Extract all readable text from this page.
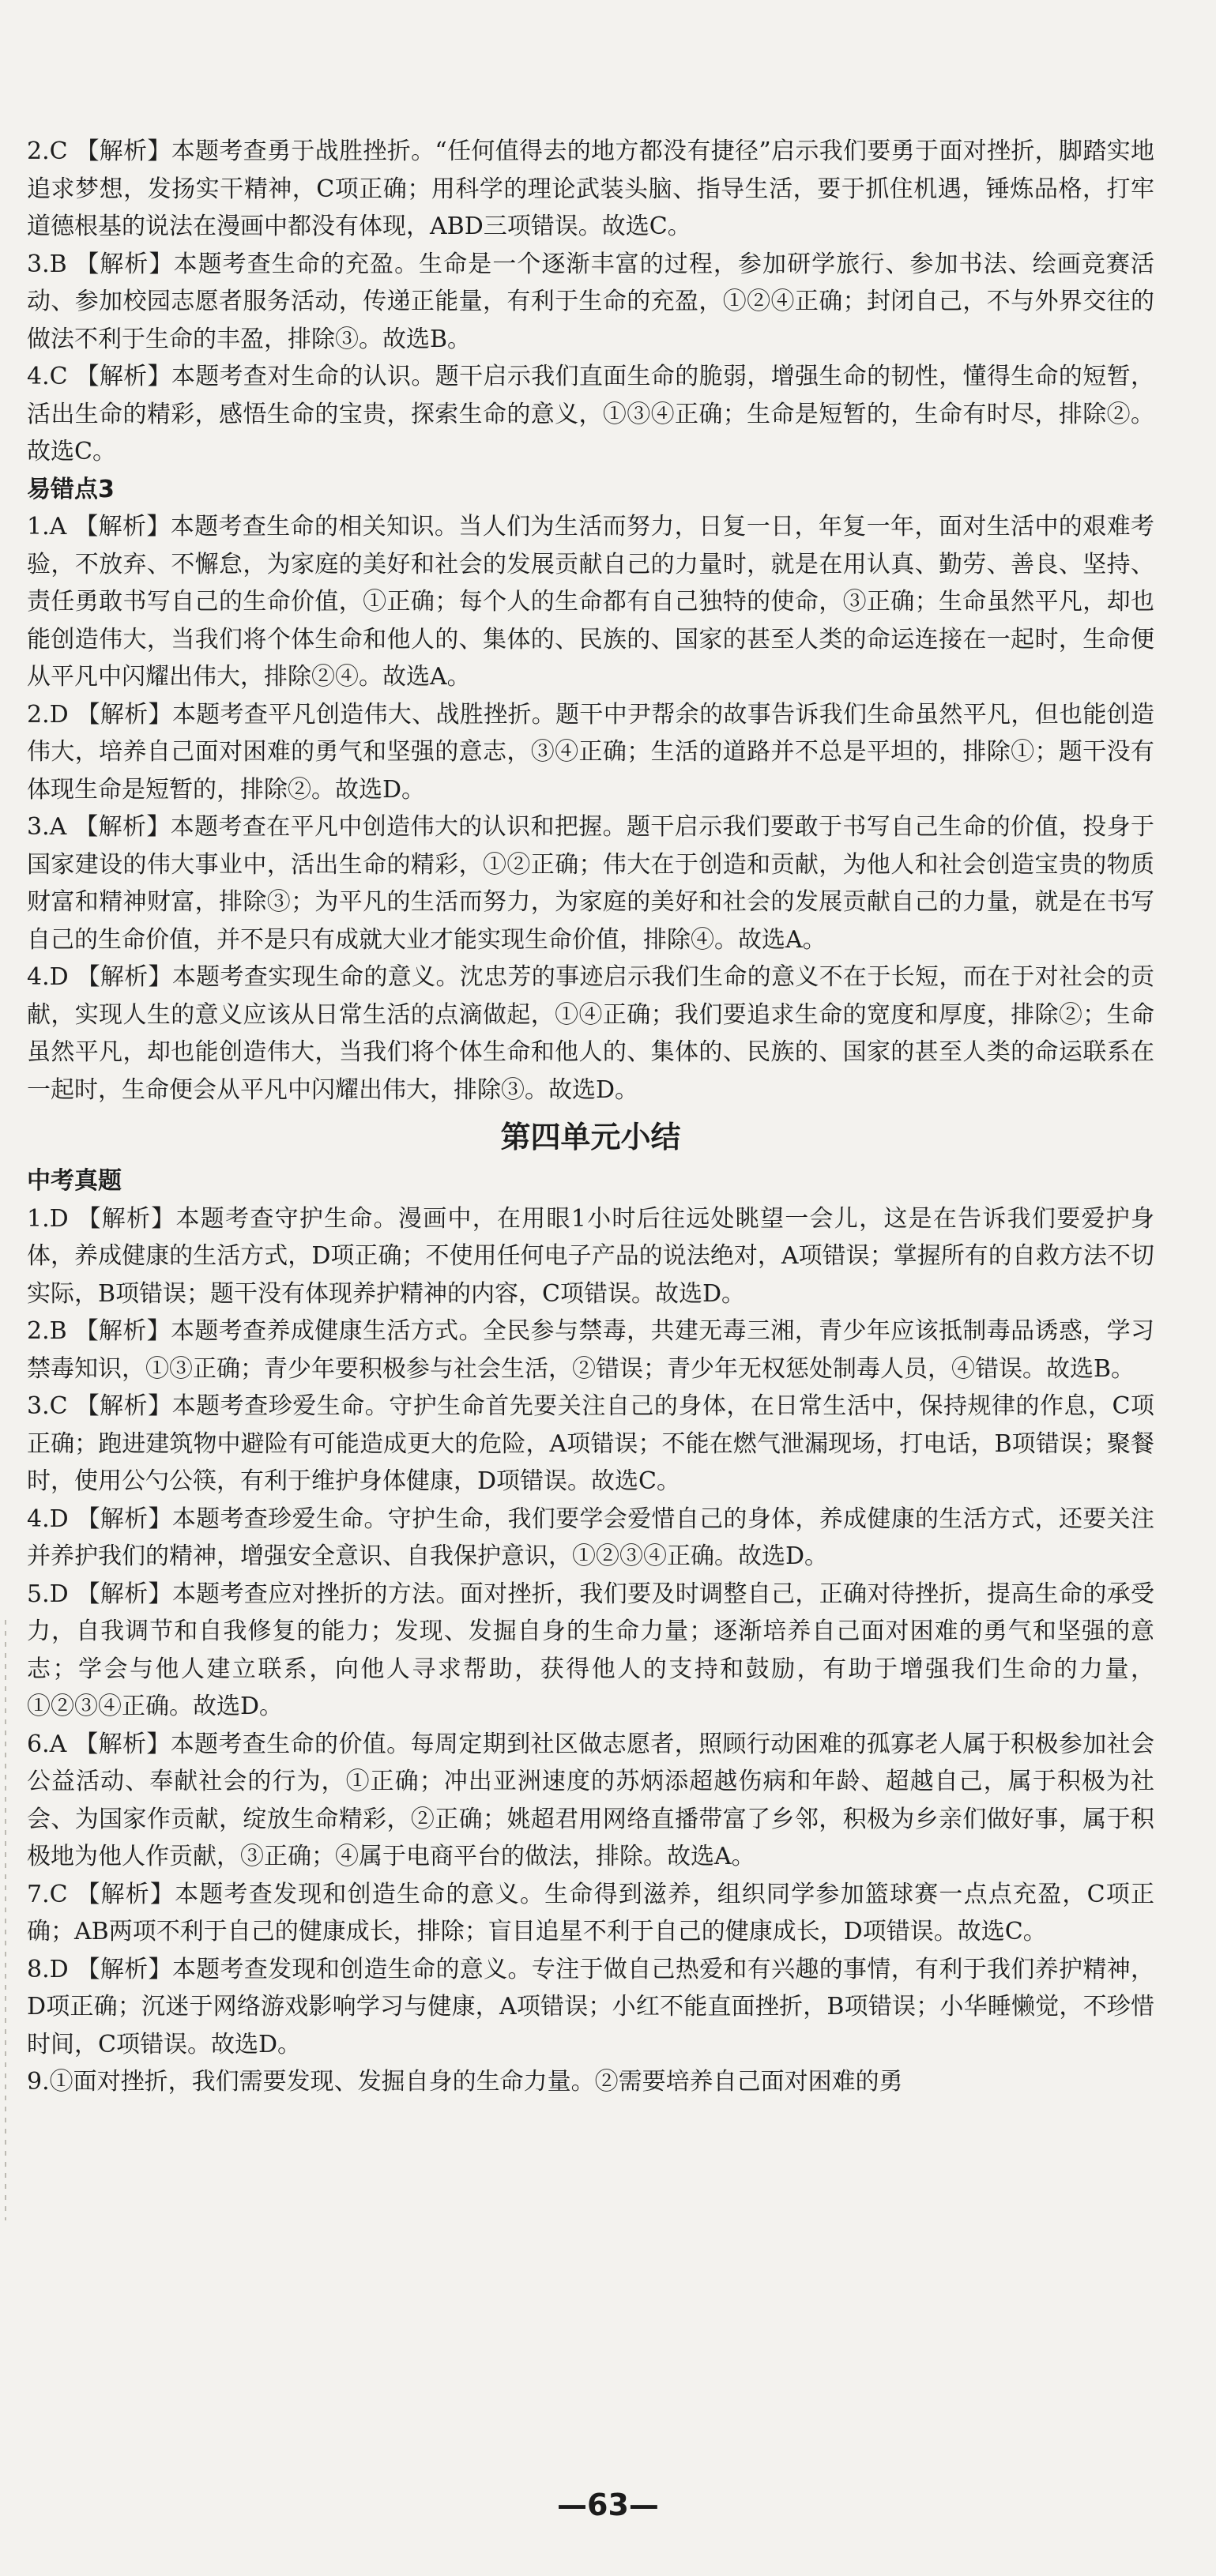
2.C 【解析】本题考查勇于战胜挫折。“任何值得去的地方都没有捷径”启示我们要勇于面对挫折，脚踏实地追求梦想，发扬实干精神，C项正确；用科学的理论武装头脑、指导生活，要于抓住机遇，锤炼品格，打牢道德根基的说法在漫画中都没有体现，ABD三项错误。故选C。

3.B 【解析】本题考查生命的充盈。生命是一个逐渐丰富的过程，参加研学旅行、参加书法、绘画竞赛活动、参加校园志愿者服务活动，传递正能量，有利于生命的充盈，①②④正确；封闭自己，不与外界交往的做法不利于生命的丰盈，排除③。故选B。

4.C 【解析】本题考查对生命的认识。题干启示我们直面生命的脆弱，增强生命的韧性，懂得生命的短暂，活出生命的精彩，感悟生命的宝贵，探索生命的意义，①③④正确；生命是短暂的，生命有时尽，排除②。故选C。

易错点3

1.A 【解析】本题考查生命的相关知识。当人们为生活而努力，日复一日，年复一年，面对生活中的艰难考验，不放弃、不懈怠，为家庭的美好和社会的发展贡献自己的力量时，就是在用认真、勤劳、善良、坚持、责任勇敢书写自己的生命价值，①正确；每个人的生命都有自己独特的使命，③正确；生命虽然平凡，却也能创造伟大，当我们将个体生命和他人的、集体的、民族的、国家的甚至人类的命运连接在一起时，生命便从平凡中闪耀出伟大，排除②④。故选A。

2.D 【解析】本题考查平凡创造伟大、战胜挫折。题干中尹帮余的故事告诉我们生命虽然平凡，但也能创造伟大，培养自己面对困难的勇气和坚强的意志，③④正确；生活的道路并不总是平坦的，排除①；题干没有体现生命是短暂的，排除②。故选D。

3.A 【解析】本题考查在平凡中创造伟大的认识和把握。题干启示我们要敢于书写自己生命的价值，投身于国家建设的伟大事业中，活出生命的精彩，①②正确；伟大在于创造和贡献，为他人和社会创造宝贵的物质财富和精神财富，排除③；为平凡的生活而努力，为家庭的美好和社会的发展贡献自己的力量，就是在书写自己的生命价值，并不是只有成就大业才能实现生命价值，排除④。故选A。

4.D 【解析】本题考查实现生命的意义。沈忠芳的事迹启示我们生命的意义不在于长短，而在于对社会的贡献，实现人生的意义应该从日常生活的点滴做起，①④正确；我们要追求生命的宽度和厚度，排除②；生命虽然平凡，却也能创造伟大，当我们将个体生命和他人的、集体的、民族的、国家的甚至人类的命运联系在一起时，生命便会从平凡中闪耀出伟大，排除③。故选D。

第四单元小结

中考真题

1.D 【解析】本题考查守护生命。漫画中，在用眼1小时后往远处眺望一会儿，这是在告诉我们要爱护身体，养成健康的生活方式，D项正确；不使用任何电子产品的说法绝对，A项错误；掌握所有的自救方法不切实际，B项错误；题干没有体现养护精神的内容，C项错误。故选D。

2.B 【解析】本题考查养成健康生活方式。全民参与禁毒，共建无毒三湘，青少年应该抵制毒品诱惑，学习禁毒知识，①③正确；青少年要积极参与社会生活，②错误；青少年无权惩处制毒人员，④错误。故选B。

3.C 【解析】本题考查珍爱生命。守护生命首先要关注自己的身体，在日常生活中，保持规律的作息，C项正确；跑进建筑物中避险有可能造成更大的危险，A项错误；不能在燃气泄漏现场，打电话，B项错误；聚餐时，使用公勺公筷，有利于维护身体健康，D项错误。故选C。

4.D 【解析】本题考查珍爱生命。守护生命，我们要学会爱惜自己的身体，养成健康的生活方式，还要关注并养护我们的精神，增强安全意识、自我保护意识，①②③④正确。故选D。

5.D 【解析】本题考查应对挫折的方法。面对挫折，我们要及时调整自己，正确对待挫折，提高生命的承受力，自我调节和自我修复的能力；发现、发掘自身的生命力量；逐渐培养自己面对困难的勇气和坚强的意志；学会与他人建立联系，向他人寻求帮助，获得他人的支持和鼓励，有助于增强我们生命的力量，①②③④正确。故选D。

6.A 【解析】本题考查生命的价值。每周定期到社区做志愿者，照顾行动困难的孤寡老人属于积极参加社会公益活动、奉献社会的行为，①正确；冲出亚洲速度的苏炳添超越伤病和年龄、超越自己，属于积极为社会、为国家作贡献，绽放生命精彩，②正确；姚超君用网络直播带富了乡邻，积极为乡亲们做好事，属于积极地为他人作贡献，③正确；④属于电商平台的做法，排除。故选A。

7.C 【解析】本题考查发现和创造生命的意义。生命得到滋养，组织同学参加篮球赛一点点充盈，C项正确；AB两项不利于自己的健康成长，排除；盲目追星不利于自己的健康成长，D项错误。故选C。

8.D 【解析】本题考查发现和创造生命的意义。专注于做自己热爱和有兴趣的事情，有利于我们养护精神，D项正确；沉迷于网络游戏影响学习与健康，A项错误；小红不能直面挫折，B项错误；小华睡懒觉，不珍惜时间，C项错误。故选D。

9.①面对挫折，我们需要发现、发掘自身的生命力量。②需要培养自己面对困难的勇

—63—
